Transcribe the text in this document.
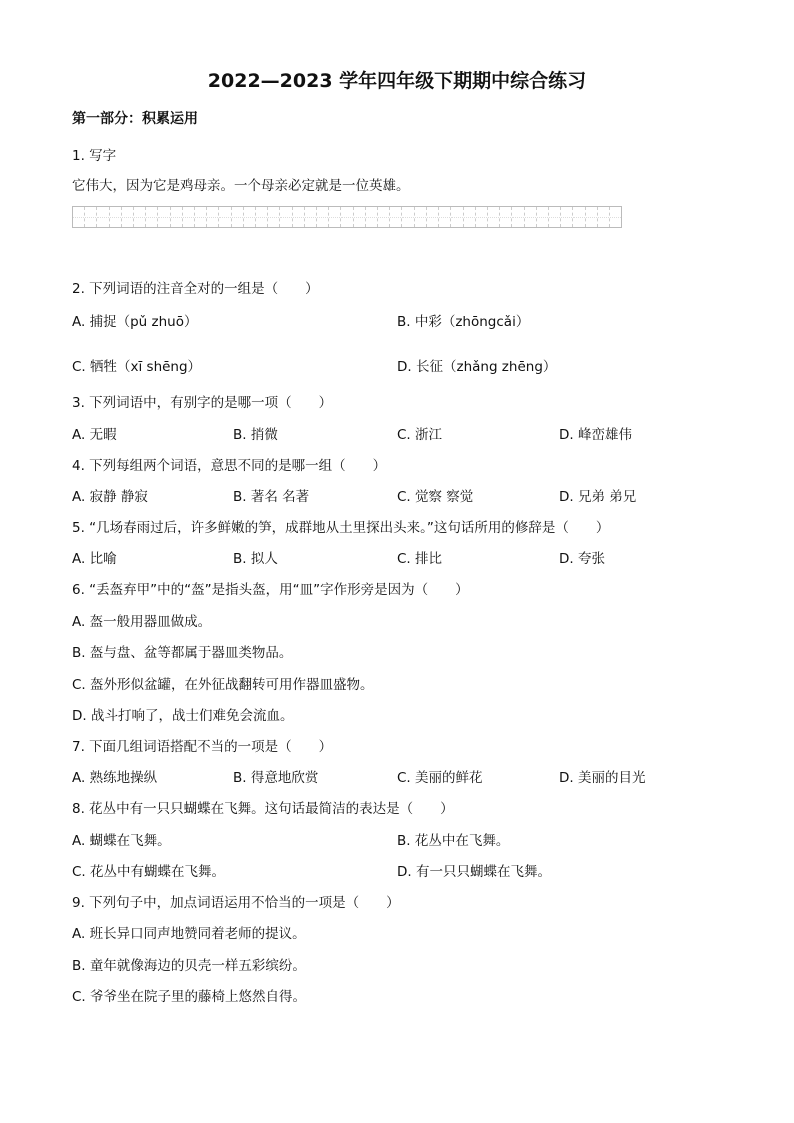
2022—2023 学年四年级下期期中综合练习
第一部分：积累运用
1. 写字
它伟大，因为它是鸡母亲。一个母亲必定就是一位英雄。
2. 下列词语的注音全对的一组是（　　）
A. 捕捉（pǔ zhuō）	B. 中彩（zhōngcǎi）
C. 牺牲（xī shēng）	D. 长征（zhǎng zhēng）
3. 下列词语中，有别字的是哪一项（　　）
A. 无暇	B. 捎微	C. 浙江	D. 峰峦雄伟
4. 下列每组两个词语，意思不同的是哪一组（　　）
A. 寂静 静寂	B. 著名 名著	C. 觉察 察觉	D. 兄弟 弟兄
5. “几场春雨过后，许多鲜嫩的笋，成群地从土里探出头来。”这句话所用的修辞是（　　）
A. 比喻	B. 拟人	C. 排比	D. 夸张
6. “丢盔弃甲”中的“盔”是指头盔，用“皿”字作形旁是因为（　　）
A. 盔一般用器皿做成。
B. 盔与盘、盆等都属于器皿类物品。
C. 盔外形似盆罐，在外征战翻转可用作器皿盛物。
D. 战斗打响了，战士们难免会流血。
7. 下面几组词语搭配不当的一项是（　　）
A. 熟练地操纵	B. 得意地欣赏	C. 美丽的鲜花	D. 美丽的目光
8. 花丛中有一只只蝴蝶在飞舞。这句话最简洁的表达是（　　）
A. 蝴蝶在飞舞。	B. 花丛中在飞舞。
C. 花丛中有蝴蝶在飞舞。	D. 有一只只蝴蝶在飞舞。
9. 下列句子中，加点词语运用不恰当的一项是（　　）
A. 班长异口同声地赞同着老师的提议。
B. 童年就像海边的贝壳一样五彩缤纷。
C. 爷爷坐在院子里的藤椅上悠然自得。
